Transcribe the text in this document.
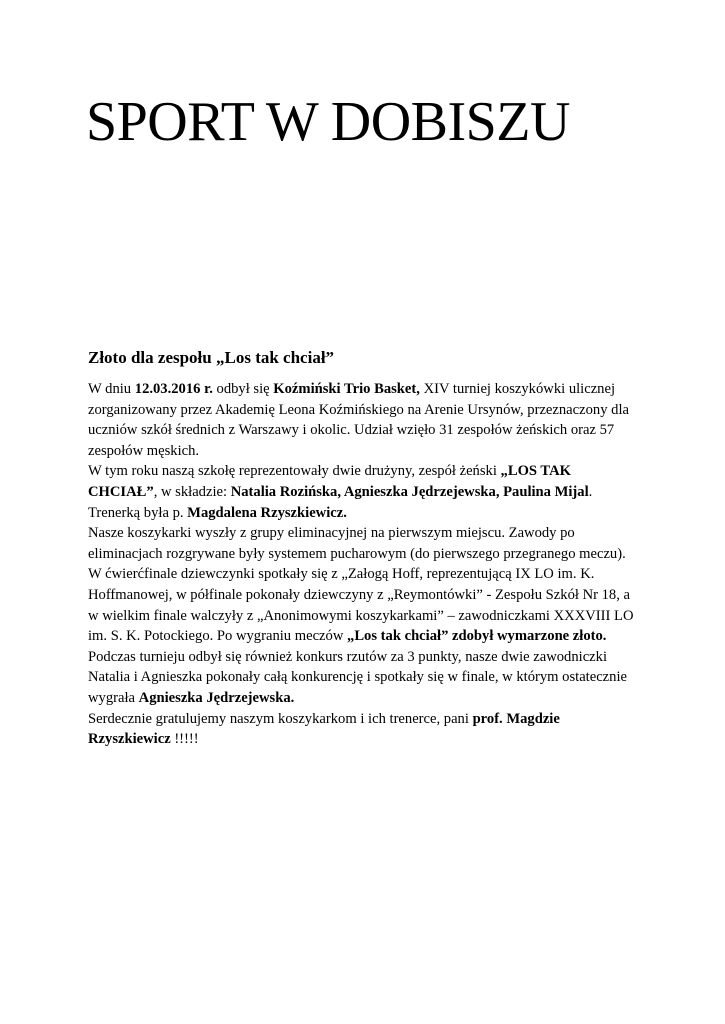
SPORT W DOBISZU
Złoto dla zespołu „Los tak chciał”
W dniu 12.03.2016 r. odbył się Koźmiński Trio Basket, XIV turniej koszykówki ulicznej
zorganizowany przez Akademię Leona Koźmińskiego na Arenie Ursynów, przeznaczony dla
uczniów szkół średnich z Warszawy i okolic. Udział wzięło 31 zespołów żeńskich oraz 57
zespołów męskich.
W tym roku naszą szkołę reprezentowały dwie drużyny, zespół żeński „LOS TAK
CHCIAŁ”, w składzie: Natalia Rozińska, Agnieszka Jędrzejewska, Paulina Mijal.
Trenerką była p. Magdalena Rzyszkiewicz.
Nasze koszykarki wyszły z grupy eliminacyjnej na pierwszym miejscu. Zawody po
eliminacjach rozgrywane były systemem pucharowym (do pierwszego przegranego meczu).
W ćwierćfinale dziewczynki spotkały się z „Załogą Hoff, reprezentującą IX LO im. K.
Hoffmanowej, w półfinale pokonały dziewczyny z „Reymontówki” - Zespołu Szkół Nr 18, a
w wielkim finale walczyły z „Anonimowymi koszykarkami” – zawodniczkami XXXVIII LO
im. S. K. Potockiego. Po wygraniu meczów „Los tak chciał” zdobył wymarzone złoto.
Podczas turnieju odbył się również konkurs rzutów za 3 punkty, nasze dwie zawodniczki
Natalia i Agnieszka pokonały całą konkurencję i spotkały się w finale, w którym ostatecznie
wygrała Agnieszka Jędrzejewska.
Serdecznie gratulujemy naszym koszykarkom i ich trenerce, pani prof. Magdzie
Rzyszkiewicz !!!!!
